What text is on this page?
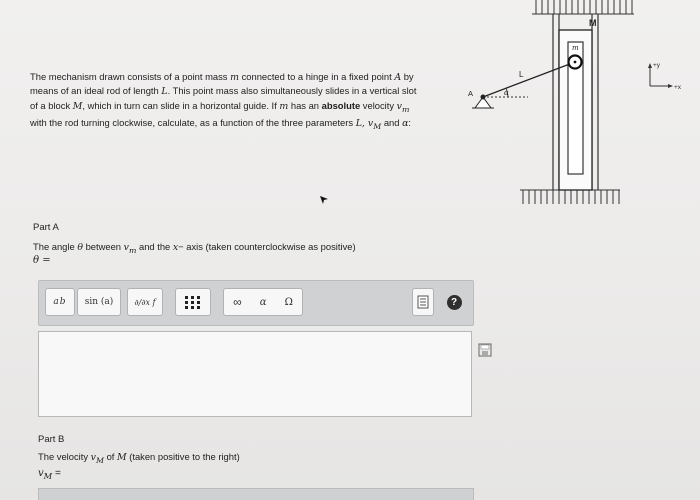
The mechanism drawn consists of a point mass m connected to a hinge in a fixed point A by

means of an ideal rod of length L. This point mass also simultaneously slides in a vertical slot

of a block M, which in turn can slide in a horizontal guide. If m has an absolute velocity $v_m$

with the rod turning clockwise, calculate, as a function of the three parameters L, $v_M$ and α:

M
m
L
A	α
+y
+x
Part A
The angle θ between $v_m$ and the x− axis (taken counterclockwise as positive)
θ =
ab sin (a)	∂/∂x f	∞ α Ω	?
Part B
The velocity $v_M$ of M (taken positive to the right)
$v_M$ =
